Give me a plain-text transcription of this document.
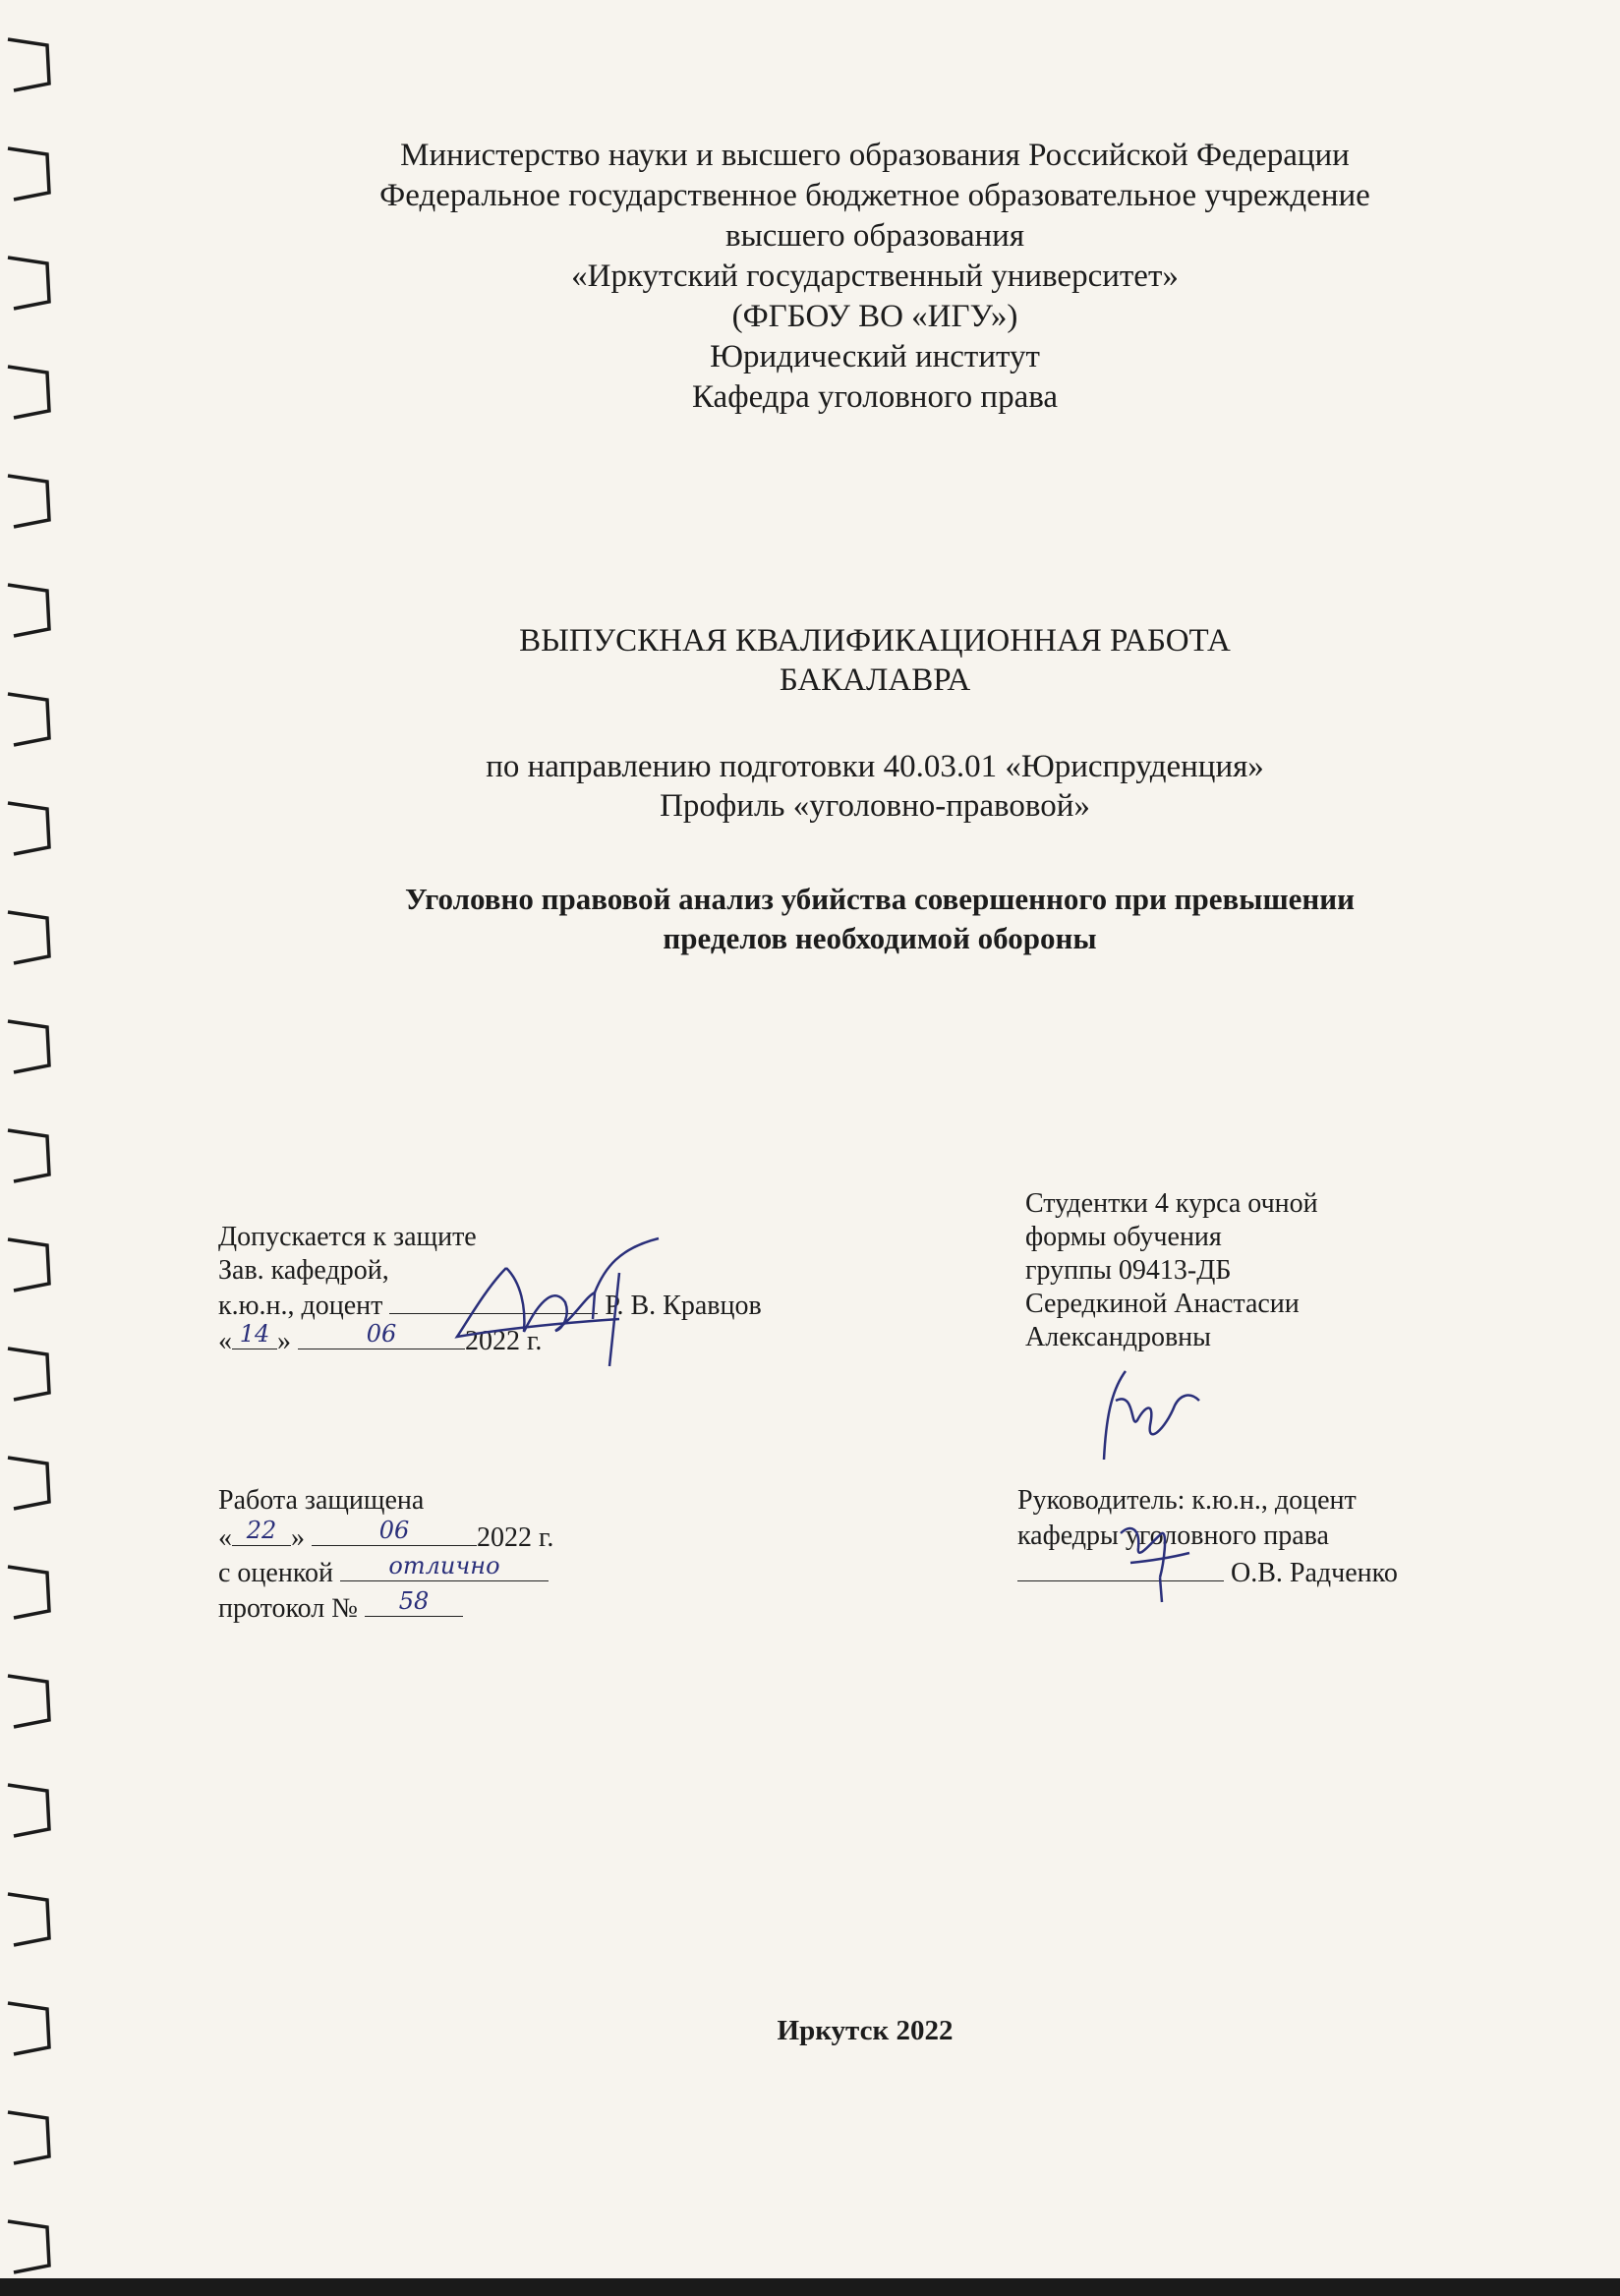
Министерство науки и высшего образования Российской Федерации
Федеральное государственное бюджетное образовательное учреждение
высшего образования
«Иркутский государственный университет»
(ФГБОУ ВО «ИГУ»)
Юридический институт
Кафедра уголовного права
ВЫПУСКНАЯ КВАЛИФИКАЦИОННАЯ РАБОТА
БАКАЛАВРА
по направлению подготовки 40.03.01 «Юриспруденция»
Профиль «уголовно-правовой»
Уголовно правовой анализ убийства совершенного при превышении
пределов необходимой обороны
Допускается к защите
Зав. кафедрой,
к.ю.н., доцент	Р. В. Кравцов
« 14 »	06	2022 г.
Студентки 4 курса очной
формы обучения
группы 09413-ДБ
Середкиной Анастасии
Александровны
Работа защищена
« 22 »	06	2022 г.
с оценкой	отлично
протокол №	58
Руководитель: к.ю.н., доцент
кафедры уголовного права
О.В. Радченко
Иркутск 2022
